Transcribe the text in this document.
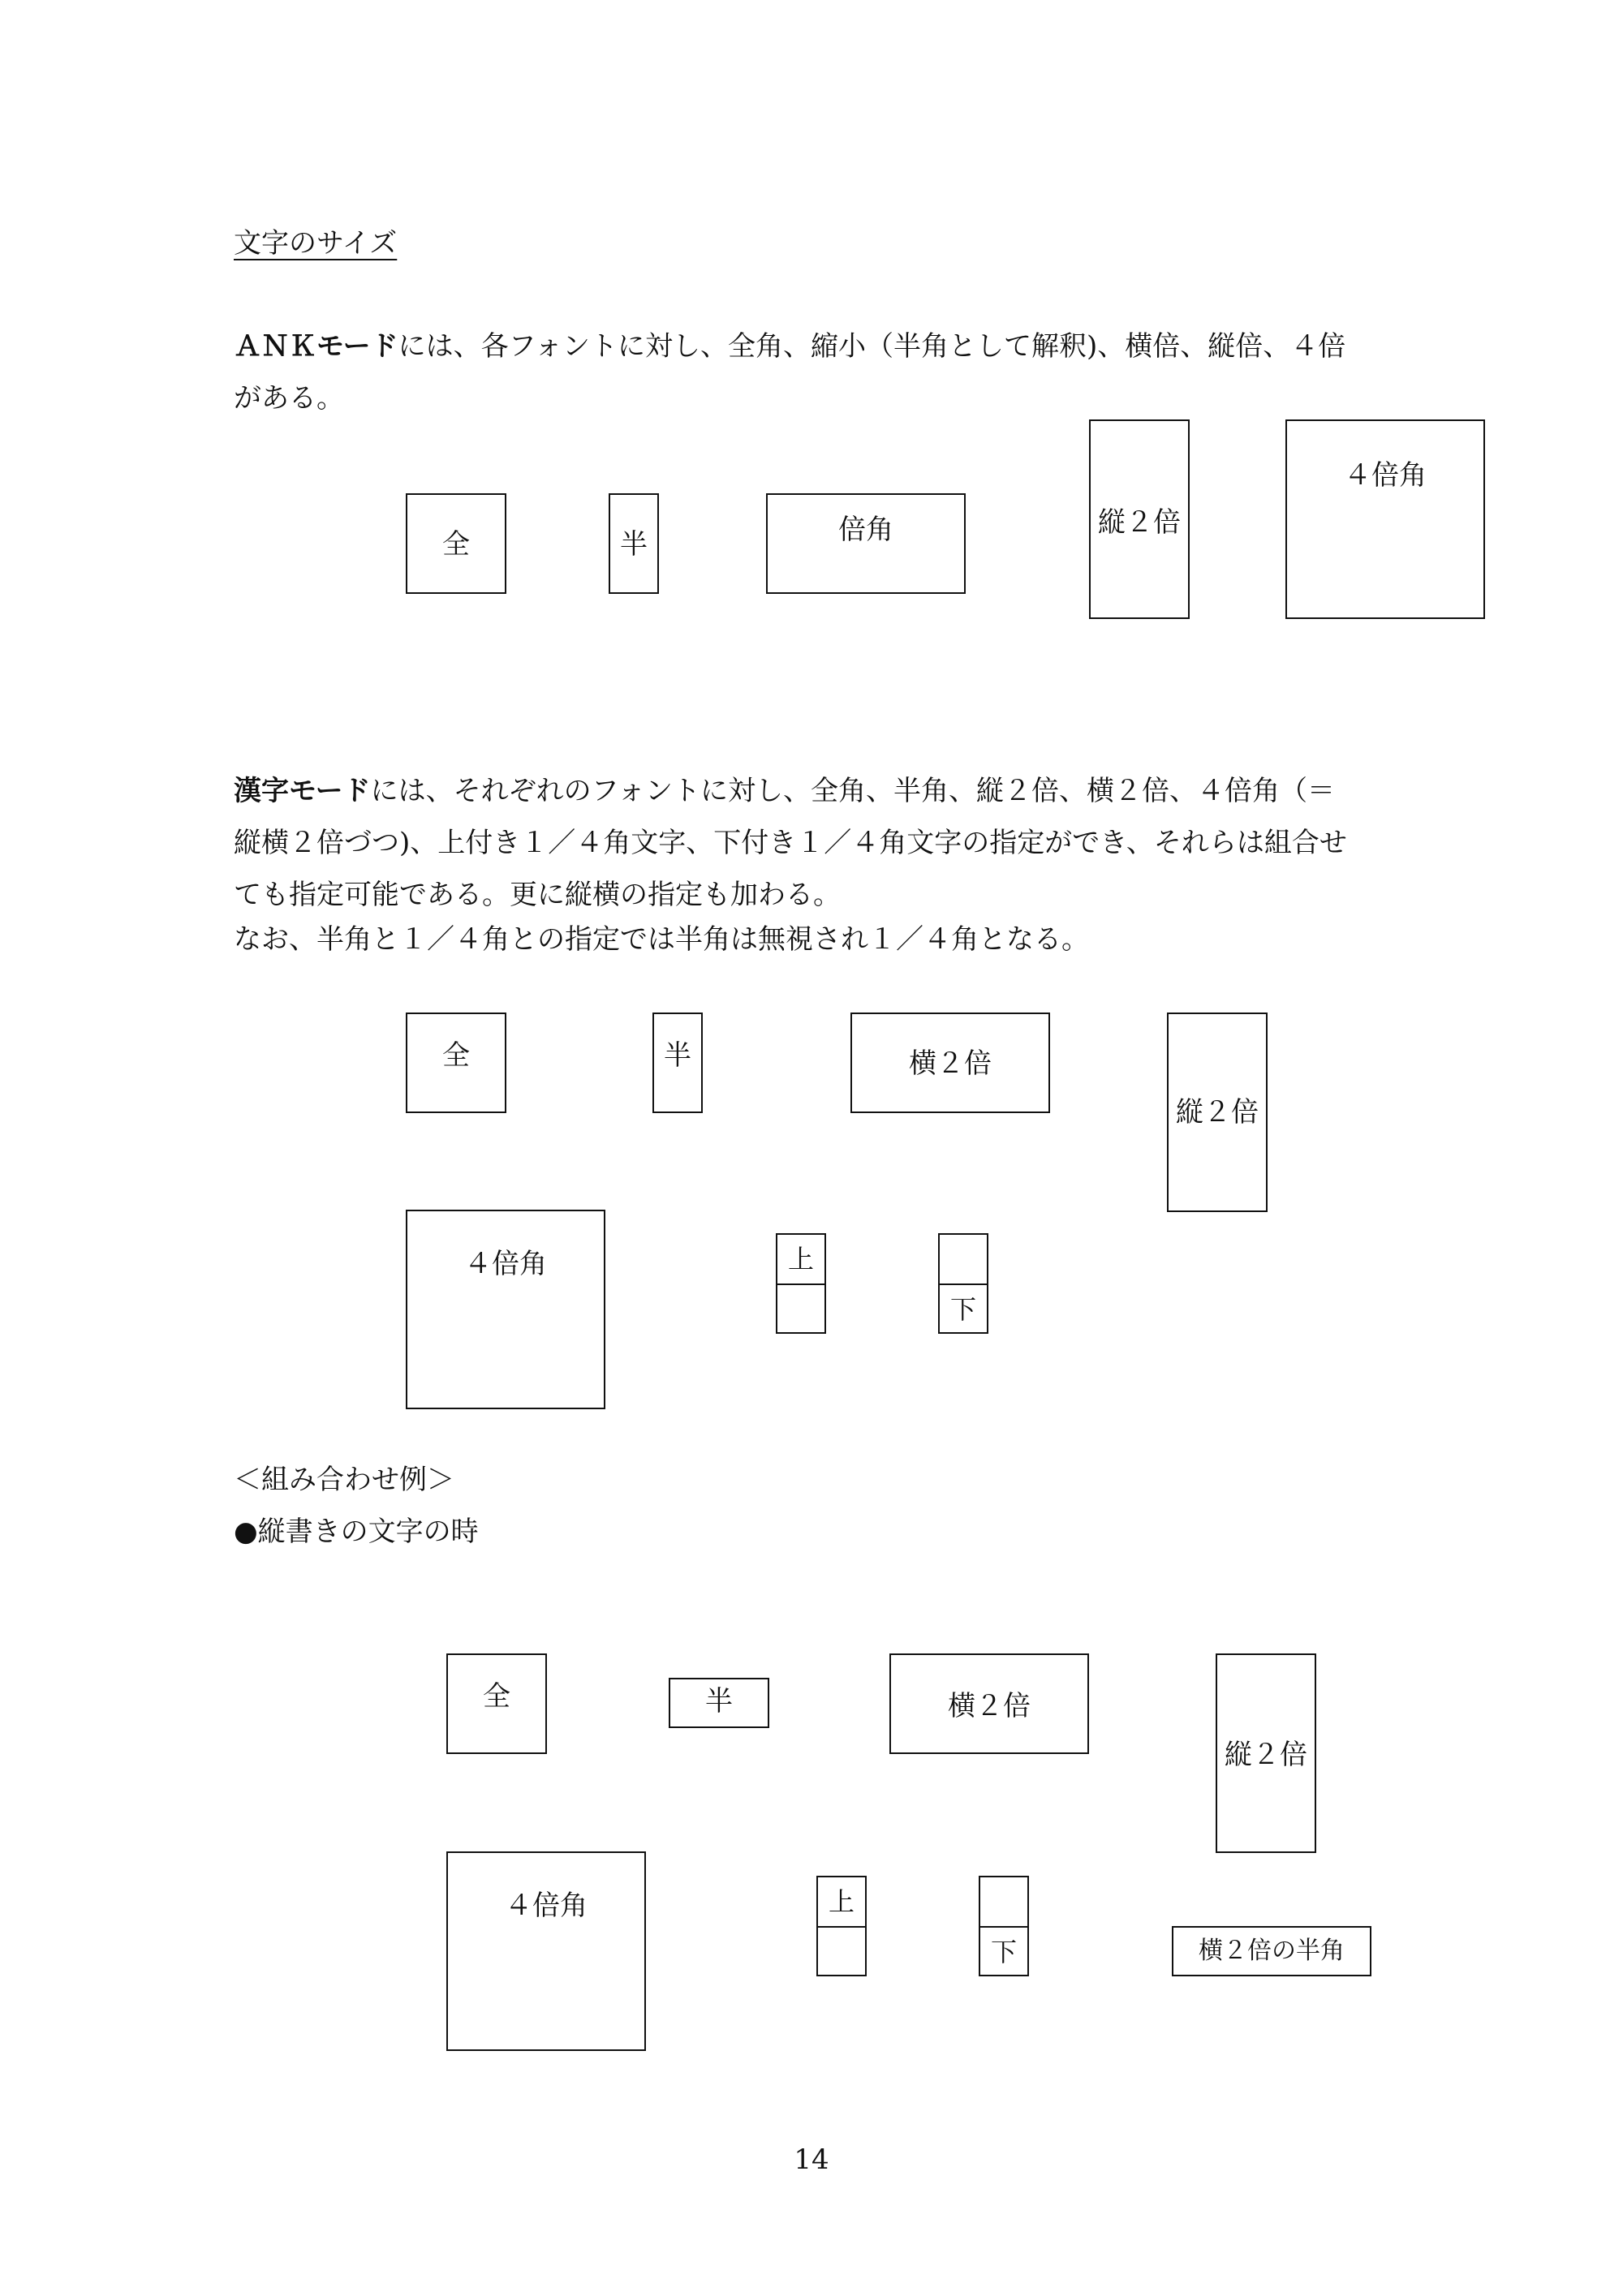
文字のサイズ
ＡＮＫモードには、各フォントに対し、全角、縮小（半角として解釈)、横倍、縦倍、４倍
がある。
全	半	倍角	縦２倍
４倍角
漢字モードには、それぞれのフォントに対し、全角、半角、縦２倍、横２倍、４倍角（＝
縦横２倍づつ)、上付き１／４角文字、下付き１／４角文字の指定ができ、それらは組合せ
ても指定可能である。更に縦横の指定も加わる。
なお、半角と１／４角との指定では半角は無視され１／４角となる。
全	半	横２倍
縦２倍
４倍角	上
下
＜組み合わせ例＞
●縦書きの文字の時
全	半	横２倍
縦２倍
４倍角	上
下	横２倍の半角
14
